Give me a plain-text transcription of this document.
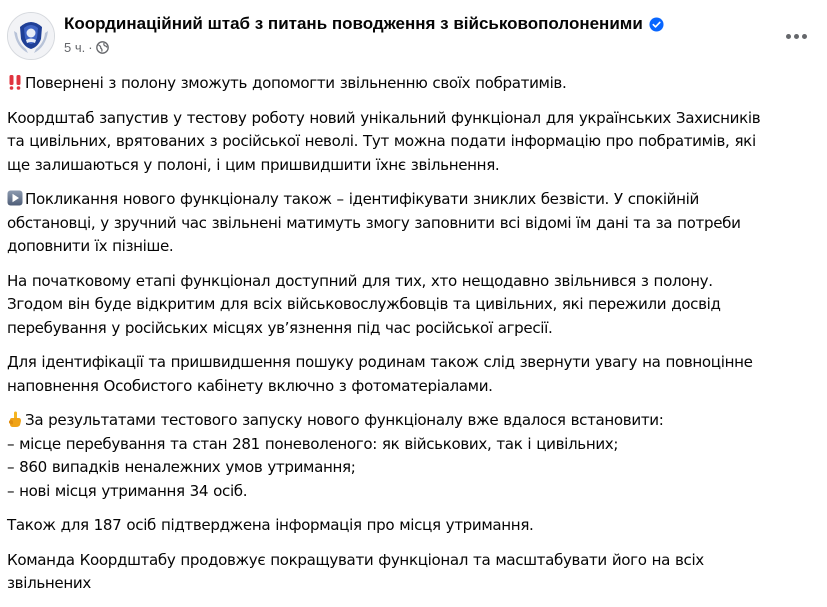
Координаційний штаб з питань поводження з військовополоненими
5 ч. ·

Повернені з полону зможуть допомогти звільненню своїх побратимів.

Коордштаб запустив у тестову роботу новий унікальний функціонал для українських Захисників
та цивільних, врятованих з російської неволі. Тут можна подати інформацію про побратимів, які
ще залишаються у полоні, і цим пришвидшити їхнє звільнення.

Покликання нового функціоналу також – ідентифікувати зниклих безвісти. У спокійній
обстановці, у зручний час звільнені матимуть змогу заповнити всі відомі їм дані та за потреби
доповнити їх пізніше.

На початковому етапі функціонал доступний для тих, хто нещодавно звільнився з полону.
Згодом він буде відкритим для всіх військовослужбовців та цивільних, які пережили досвід
перебування у російських місцях ув’язнення під час російської агресії.

Для ідентифікації та пришвидшення пошуку родинам також слід звернути увагу на повноцінне
наповнення Особистого кабінету включно з фотоматеріалами.

За результатами тестового запуску нового функціоналу вже вдалося встановити:
– місце перебування та стан 281 поневоленого: як військових, так і цивільних;
– 860 випадків неналежних умов утримання;
– нові місця утримання 34 осіб.

Також для 187 осіб підтверджена інформація про місця утримання.

Команда Коордштабу продовжує покращувати функціонал та масштабувати його на всіх
звільнених
